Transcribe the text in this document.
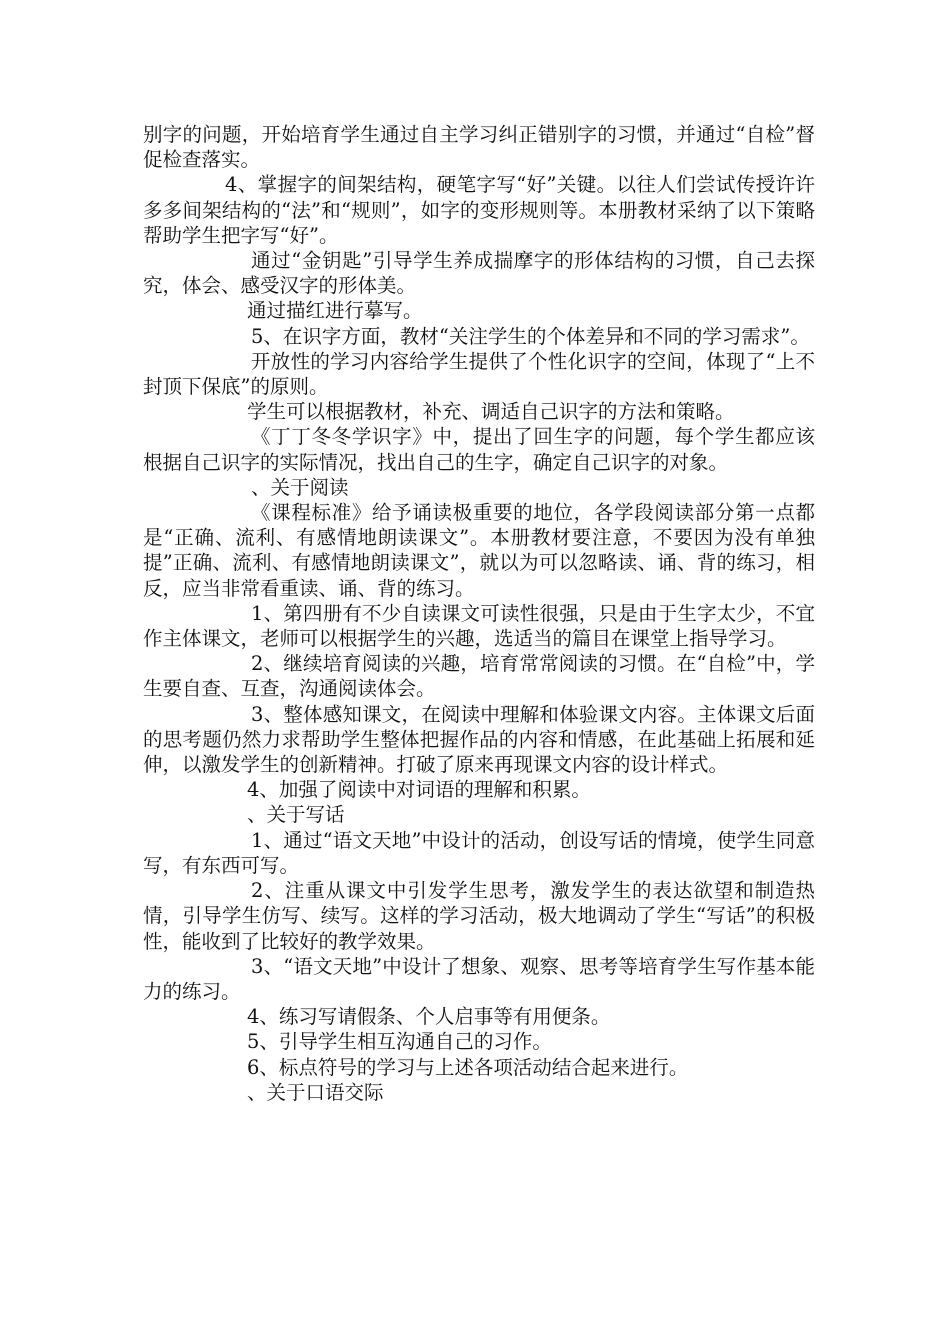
别字的问题，开始培育学生通过自主学习纠正错别字的习惯，并通过“自检”督促检查落实。

4、掌握字的间架结构，硬笔字写“好”关键。以往人们尝试传授许许多多间架结构的“法”和“规则”，如字的变形规则等。本册教材采纳了以下策略帮助学生把字写“好”。

通过“金钥匙”引导学生养成揣摩字的形体结构的习惯，自己去探究，体会、感受汉字的形体美。

通过描红进行摹写。

5、在识字方面，教材“关注学生的个体差异和不同的学习需求”。

开放性的学习内容给学生提供了个性化识字的空间，体现了“上不封顶下保底”的原则。

学生可以根据教材，补充、调适自己识字的方法和策略。

《丁丁冬冬学识字》中，提出了回生字的问题，每个学生都应该根据自己识字的实际情况，找出自己的生字，确定自己识字的对象。

、关于阅读

《课程标准》给予诵读极重要的地位，各学段阅读部分第一点都是“正确、流利、有感情地朗读课文”。本册教材要注意，不要因为没有单独提”正确、流利、有感情地朗读课文”，就以为可以忽略读、诵、背的练习，相反，应当非常看重读、诵、背的练习。

1、第四册有不少自读课文可读性很强，只是由于生字太少，不宜作主体课文，老师可以根据学生的兴趣，选适当的篇目在课堂上指导学习。

2、继续培育阅读的兴趣，培育常常阅读的习惯。在“自检”中，学生要自查、互查，沟通阅读体会。

3、整体感知课文，在阅读中理解和体验课文内容。主体课文后面的思考题仍然力求帮助学生整体把握作品的内容和情感，在此基础上拓展和延伸，以激发学生的创新精神。打破了原来再现课文内容的设计样式。

4、加强了阅读中对词语的理解和积累。

、关于写话

1、通过“语文天地”中设计的活动，创设写话的情境，使学生同意写，有东西可写。

2、注重从课文中引发学生思考，激发学生的表达欲望和制造热情，引导学生仿写、续写。这样的学习活动，极大地调动了学生“写话”的积极性，能收到了比较好的教学效果。

3、“语文天地”中设计了想象、观察、思考等培育学生写作基本能力的练习。

4、练习写请假条、个人启事等有用便条。

5、引导学生相互沟通自己的习作。

6、标点符号的学习与上述各项活动结合起来进行。

、关于口语交际
